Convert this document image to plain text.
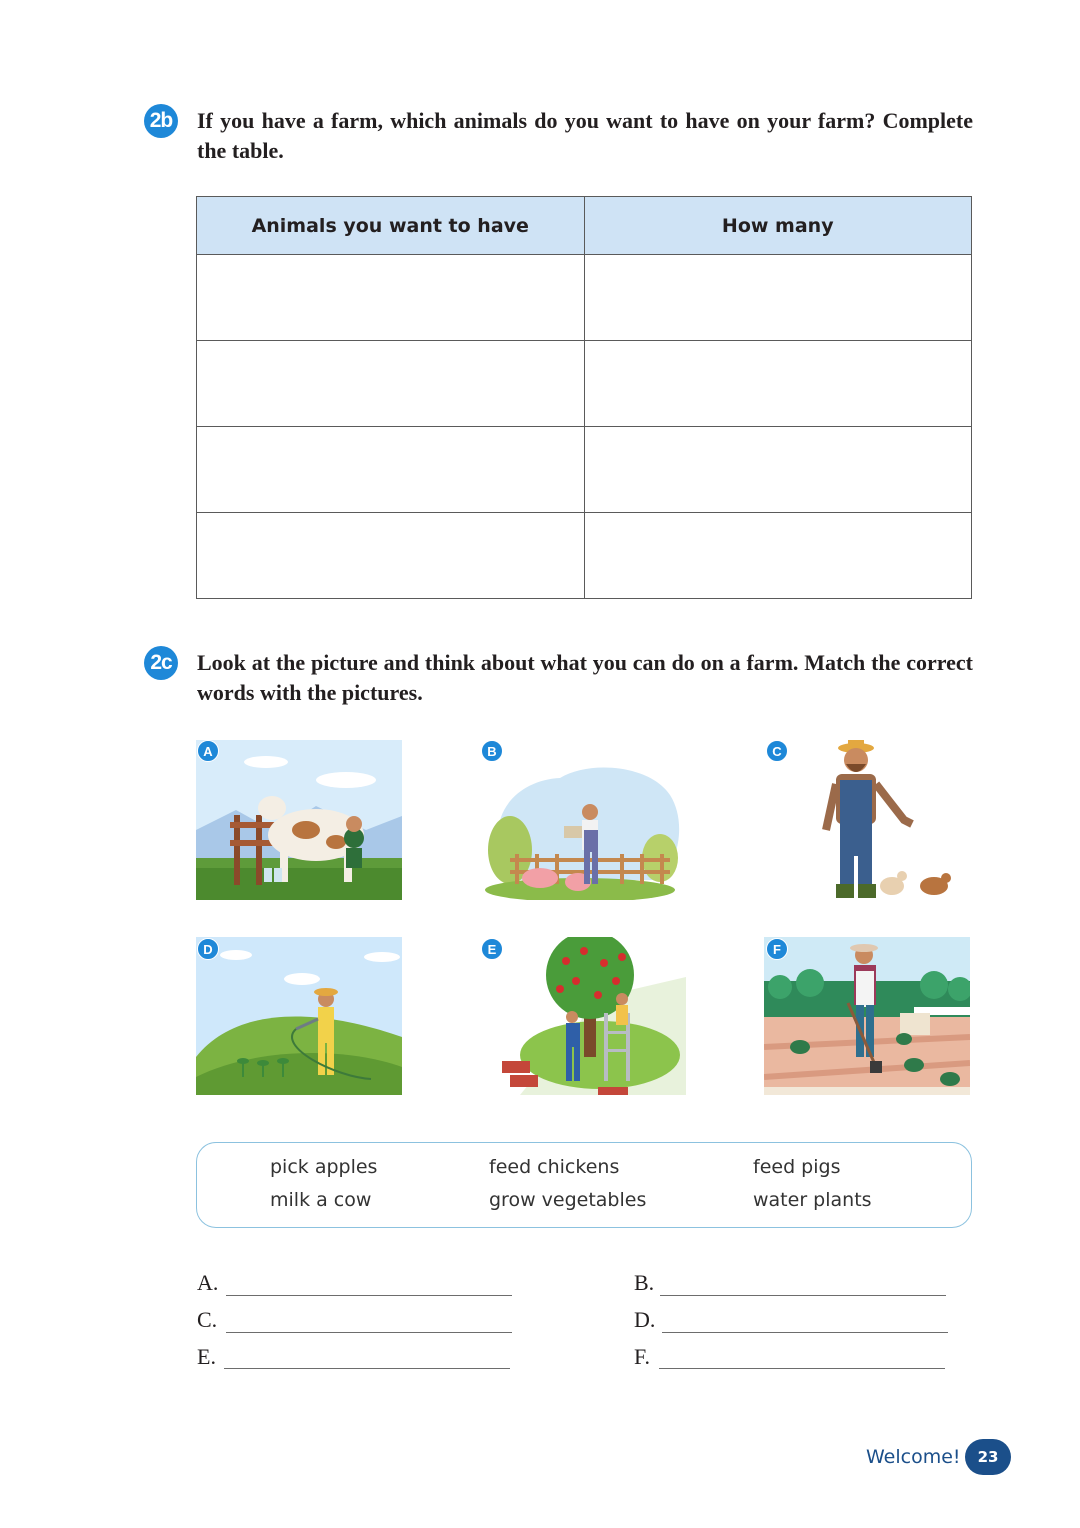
2b If you have a farm, which animals do you want to have on your farm? Complete the table.
Animals you want to have	How many

2c Look at the picture and think about what you can do on a farm. Match the correct words with the pictures.
A	B	C
D	E	F
pick apples	feed chickens	feed pigs
milk a cow	grow vegetables	water plants
A.	B.
C.	D.
E.	F.
Welcome!	23
